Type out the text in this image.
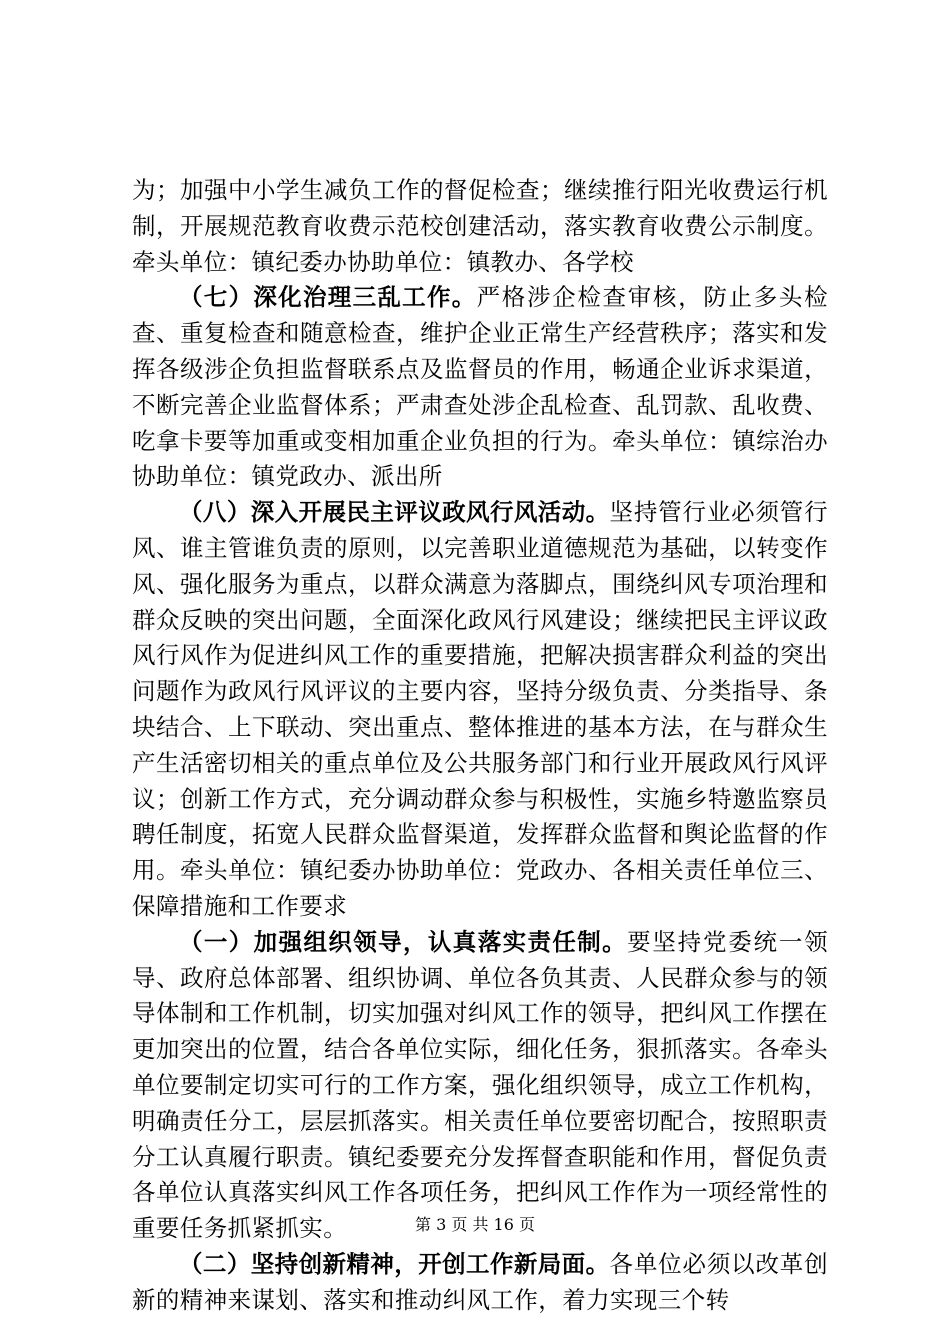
为；加强中小学生减负工作的督促检查；继续推行阳光收费运行机制，开展规范教育收费示范校创建活动，落实教育收费公示制度。牵头单位：镇纪委办协助单位：镇教办、各学校

（七）深化治理三乱工作。严格涉企检查审核，防止多头检查、重复检查和随意检查，维护企业正常生产经营秩序；落实和发挥各级涉企负担监督联系点及监督员的作用，畅通企业诉求渠道，不断完善企业监督体系；严肃查处涉企乱检查、乱罚款、乱收费、吃拿卡要等加重或变相加重企业负担的行为。牵头单位：镇综治办协助单位：镇党政办、派出所

（八）深入开展民主评议政风行风活动。坚持管行业必须管行风、谁主管谁负责的原则，以完善职业道德规范为基础，以转变作风、强化服务为重点，以群众满意为落脚点，围绕纠风专项治理和群众反映的突出问题，全面深化政风行风建设；继续把民主评议政风行风作为促进纠风工作的重要措施，把解决损害群众利益的突出问题作为政风行风评议的主要内容，坚持分级负责、分类指导、条块结合、上下联动、突出重点、整体推进的基本方法，在与群众生产生活密切相关的重点单位及公共服务部门和行业开展政风行风评议；创新工作方式，充分调动群众参与积极性，实施乡特邀监察员聘任制度，拓宽人民群众监督渠道，发挥群众监督和舆论监督的作用。牵头单位：镇纪委办协助单位：党政办、各相关责任单位三、保障措施和工作要求

（一）加强组织领导，认真落实责任制。要坚持党委统一领导、政府总体部署、组织协调、单位各负其责、人民群众参与的领导体制和工作机制，切实加强对纠风工作的领导，把纠风工作摆在更加突出的位置，结合各单位实际，细化任务，狠抓落实。各牵头单位要制定切实可行的工作方案，强化组织领导，成立工作机构，明确责任分工，层层抓落实。相关责任单位要密切配合，按照职责分工认真履行职责。镇纪委要充分发挥督查职能和作用，督促负责各单位认真落实纠风工作各项任务，把纠风工作作为一项经常性的重要任务抓紧抓实。

（二）坚持创新精神，开创工作新局面。各单位必须以改革创新的精神来谋划、落实和推动纠风工作，着力实现三个转

第 3 页 共 16 页
